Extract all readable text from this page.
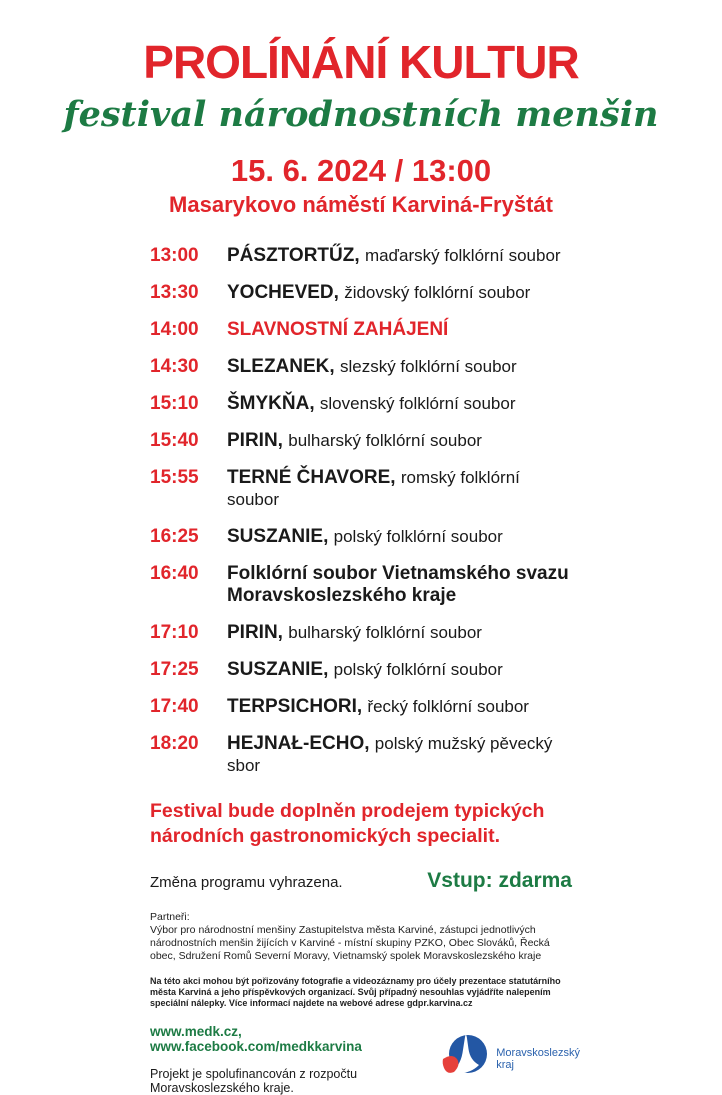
PROLÍNÁNÍ KULTUR
festival národnostních menšin
15. 6. 2024 / 13:00
Masarykovo náměstí Karviná-Fryštát
13:00	PÁSZTORTŰZ, maďarský folklórní soubor
13:30	YOCHEVED, židovský folklórní soubor
14:00	SLAVNOSTNÍ ZAHÁJENÍ
14:30	SLEZANEK, slezský folklórní soubor
15:10	ŠMYKŇA, slovenský folklórní soubor
15:40	PIRIN, bulharský folklórní soubor
15:55	TERNÉ ČHAVORE, romský folklórní soubor
16:25	SUSZANIE, polský folklórní soubor
16:40	Folklórní soubor Vietnamského svazu Moravskoslezského kraje
17:10	PIRIN, bulharský folklórní soubor
17:25	SUSZANIE, polský folklórní soubor
17:40	TERPSICHORI, řecký folklórní soubor
18:20	HEJNAŁ-ECHO, polský mužský pěvecký sbor
Festival bude doplněn prodejem typických národních gastronomických specialit.
Změna programu vyhrazena.	Vstup: zdarma
Partneři:
Výbor pro národnostní menšiny Zastupitelstva města Karviné, zástupci jednotlivých národnostních menšin žijících v Karviné - místní skupiny PZKO, Obec Slováků, Řecká obec, Sdružení Romů Severní Moravy, Vietnamský spolek Moravskoslezského kraje
Na této akci mohou být pořizovány fotografie a videozáznamy pro účely prezentace statutárního města Karviná a jeho příspěvkových organizací. Svůj případný nesouhlas vyjádříte nalepením speciální nálepky. Více informací najdete na webové adrese gdpr.karvina.cz
www.medk.cz, www.facebook.com/medkkarvina
Projekt je spolufinancován z rozpočtu Moravskoslezského kraje.
Moravskoslezský
kraj
